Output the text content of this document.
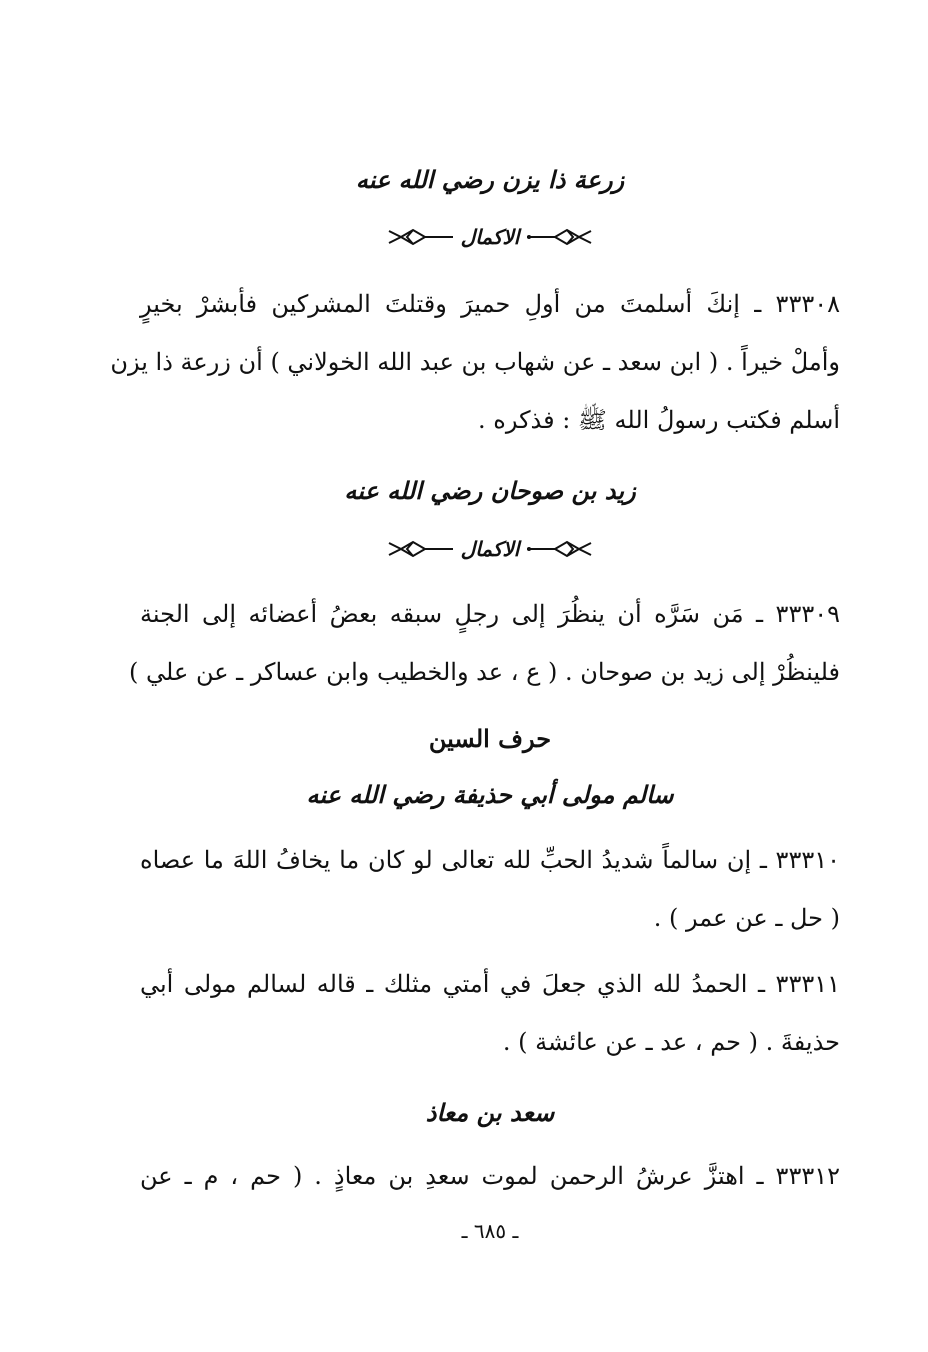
زرعة ذا يزن رضي الله عنه
الاكمال
٣٣٣٠٨ ـ إنكَ أسلمتَ من أولِ حميرَ وقتلتَ المشركين فأبشرْ بخيرٍ
وأملْ خيراً . ( ابن سعد ـ عن شهاب بن عبد الله الخولاني ) أن زرعة ذا يزن
أسلم فكتب رسولُ الله ﷺ : فذكره .
زيد بن صوحان رضي الله عنه
الاكمال
٣٣٣٠٩ ـ مَن سَرَّه أن ينظُرَ إلى رجلٍ سبقه بعضُ أعضائه إلى الجنة
فلينظُرْ إلى زيد بن صوحان . ( ع ، عد والخطيب وابن عساكر ـ عن علي )
حرف السين
سالم مولى أبي حذيفة رضي الله عنه
٣٣٣١٠ ـ إن سالماً شديدُ الحبِّ لله تعالى لو كان ما يخافُ اللهَ ما عصاه
( حل ـ عن عمر ) .
٣٣٣١١ ـ الحمدُ لله الذي جعلَ في أمتي مثلك ـ قاله لسالم مولى أبي
حذيفةَ . ( حم ، عد ـ عن عائشة ) .
سعد بن معاذ
٣٣٣١٢ ـ اهتزَّ عرشُ الرحمن لموت سعدِ بن معاذٍ . ( حم ، م ـ عن
ـ ٦٨٥ ـ
